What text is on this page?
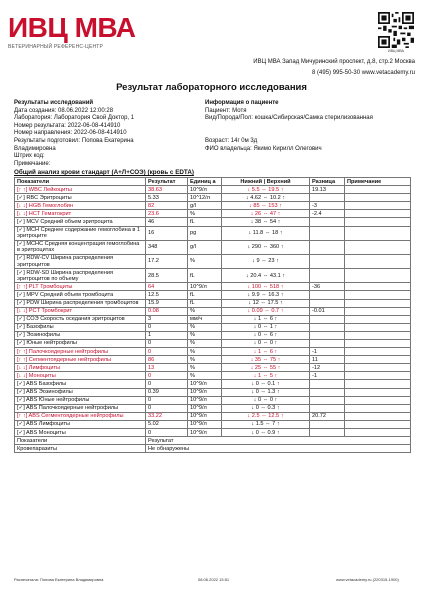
ИВЦ МВА
ВЕТЕРИНАРНЫЙ РЕФЕРЕНС-ЦЕНТР
ИВЦ МВА
ИВЦ МВА Запад Мичуринский проспект, д.8, стр.2 Москва
8 (495) 995-50-30 www.vetacademy.ru
Результат лабораторного исследования
Результаты исследований
Дата создания: 08.06.2022 12:00:28
Лаборатория: Лаборатория Свой Доктор, 1
Номер результата: 2022-06-08-414910
Номер направления: 2022-06-08-414910
Результаты подготовил: Попова Екатерина
Владимировна
Штрих код:
Примечание:
Информация о пациенте
Пациент: Мотя
Вид/Порода/Пол: кошка/Сибирская/Самка стерилизованная
Возраст: 14г 0м 3д
ФИО владельца: Якимо Кирилл Олегович
Общий анализ крови стандарт (А+Л+СОЭ) (кровь с EDTA)
Показатели	Результат	Единиц а	Нижний | Верхний	Разница	Примечание
[↑ ↑] WBC Лейкоциты	38.63	10^9/л	↓ 5.5 ⇔ 19.5 ↑	19.13	
[✓] RBC Эритроциты	5.33	10^12/л	↓ 4.62 ⇔ 10.2 ↑		
[↓ ↓] HGB Гемоглобин	82	g/l	↓ 85 ⇔ 153 ↑	-3	
[↓ ↓] HCT Гематокрит	23.6	%	↓ 26 ⇔ 47 ↑	-2.4	
[✓] MCV Средний объем эритроцита	46	fL	↓ 38 ⇔ 54 ↑		
[✓] MCH Среднее содержание гемоглобина в 1 эритроците	16	pg	↓ 11.8 ⇔ 18 ↑		
[✓] MCHC Средняя концентрация гемоглобина в эритроцитах	348	g/l	↓ 290 ⇔ 360 ↑		
[✓] RDW-CV Ширина распределения эритроцитов	17.2	%	↓ 9 ⇔ 23 ↑		
[✓] RDW-SD Ширина распределения эритроцитов по объему	28.5	fL	↓ 20.4 ⇔ 43.1 ↑		
[↑ ↑] PLT Тромбоциты	64	10^9/л	↓ 100 ⇔ 518 ↑	-36	
[✓] MPV Средний объем тромбоцита	12.5	fL	↓ 9.9 ⇔ 16.3 ↑		
[✓] PDW Ширина распределения тромбоцитов	15.9	fL	↓ 12 ⇔ 17.5 ↑		
[↓ ↓] PCT Тромбокрит	0.08	%	↓ 0.09 ⇔ 0.7 ↑	-0.01	
[✓] СОЭ Скорость оседания эритроцитов	3	мм/ч	↓ 1 ⇔ 6 ↑		
[✓] Базофилы	0	%	↓ 0 ⇔ 1 ↑		
[✓] Эозинофилы	1	%	↓ 0 ⇔ 6 ↑		
[✓] Юные нейтрофилы	0	%	↓ 0 ⇔ 0 ↑		
[↑ ↑] Палочкоядерные нейтрофилы	0	%	↓ 1 ⇔ 6 ↑	-1	
[↑ ↑] Сегментоядерные нейтрофилы	86	%	↓ 35 ⇔ 75 ↑	11	
[↓ ↓] Лимфоциты	13	%	↓ 25 ⇔ 55 ↑	-12	
[↓ ↓] Моноциты	0	%	↓ 1 ⇔ 5 ↑	-1	
[✓] ABS Базофилы	0	10^9/л	↓ 0 ⇔ 0.1 ↑		
[✓] ABS Эозинофилы	0.39	10^9/л	↓ 0 ⇔ 1.3 ↑		
[✓] ABS Юные нейтрофилы	0	10^9/л	↓ 0 ⇔ 0 ↑		
[✓] ABS Палочкоядерные нейтрофилы	0	10^9/л	↓ 0 ⇔ 0.3 ↑		
[↑ ↑] ABS Сегментоядерные нейтрофилы	33.22	10^9/л	↓ 2.5 ⇔ 12.5 ↑	20.72	
[✓] ABS Лимфоциты	5.02	10^9/л	↓ 1.5 ⇔ 7 ↑		
[✓] ABS Моноциты	0	10^9/л	↓ 0 ⇔ 0.9 ↑		
Показатели	Результат				
Кровепаразиты	Не обнаружены				
Распечатала: Попова Екатерина Владимировна	08.06.2022 15:51	www.vetacademy.ru (220315-1900)
